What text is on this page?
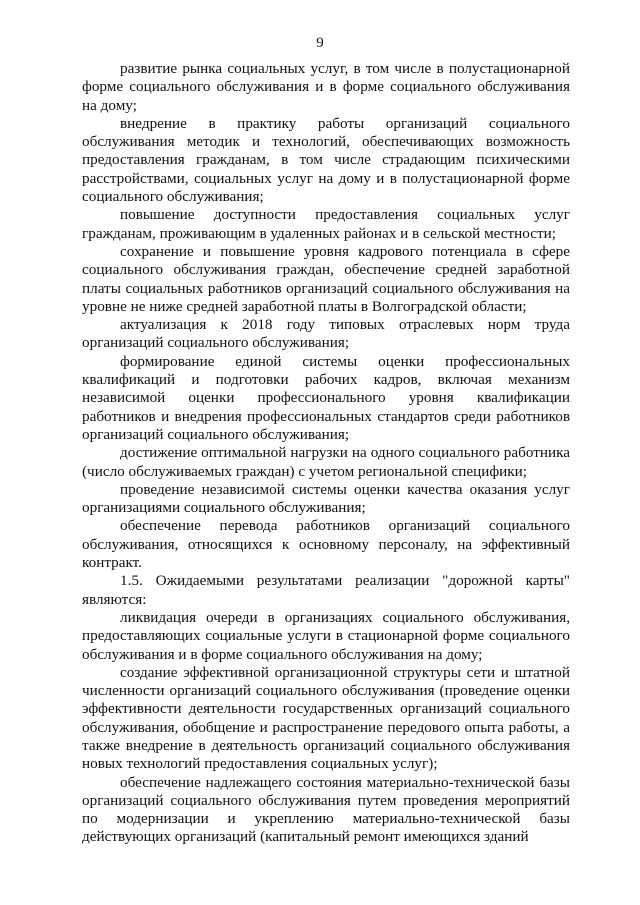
9

развитие рынка социальных услуг, в том числе в полустационарной форме социального обслуживания и в форме социального обслуживания на дому;

внедрение в практику работы организаций социального обслуживания методик и технологий, обеспечивающих возможность предоставления гражданам, в том числе страдающим психическими расстройствами, социальных услуг на дому и в полустационарной форме социального обслуживания;

повышение доступности предоставления социальных услуг гражданам, проживающим в удаленных районах и в сельской местности;

сохранение и повышение уровня кадрового потенциала в сфере социального обслуживания граждан, обеспечение средней заработной платы социальных работников организаций социального обслуживания на уровне не ниже средней заработной платы в Волгоградской области;

актуализация к 2018 году типовых отраслевых норм труда организаций социального обслуживания;

формирование единой системы оценки профессиональных квалификаций и подготовки рабочих кадров, включая механизм независимой оценки профессионального уровня квалификации работников и внедрения профессиональных стандартов среди работников организаций социального обслуживания;

достижение оптимальной нагрузки на одного социального работника (число обслуживаемых граждан) с учетом региональной специфики;

проведение независимой системы оценки качества оказания услуг организациями социального обслуживания;

обеспечение перевода работников организаций социального обслуживания, относящихся к основному персоналу, на эффективный контракт.

1.5. Ожидаемыми результатами реализации "дорожной карты" являются:

ликвидация очереди в организациях социального обслуживания, предоставляющих социальные услуги в стационарной форме социального обслуживания и в форме социального обслуживания на дому;

создание эффективной организационной структуры сети и штатной численности организаций социального обслуживания (проведение оценки эффективности деятельности государственных организаций социального обслуживания, обобщение и распространение передового опыта работы, а также внедрение в деятельность организаций социального обслуживания новых технологий предоставления социальных услуг);

обеспечение надлежащего состояния материально-технической базы организаций социального обслуживания путем проведения мероприятий по модернизации и укреплению материально-технической базы действующих организаций (капитальный ремонт имеющихся зданий
